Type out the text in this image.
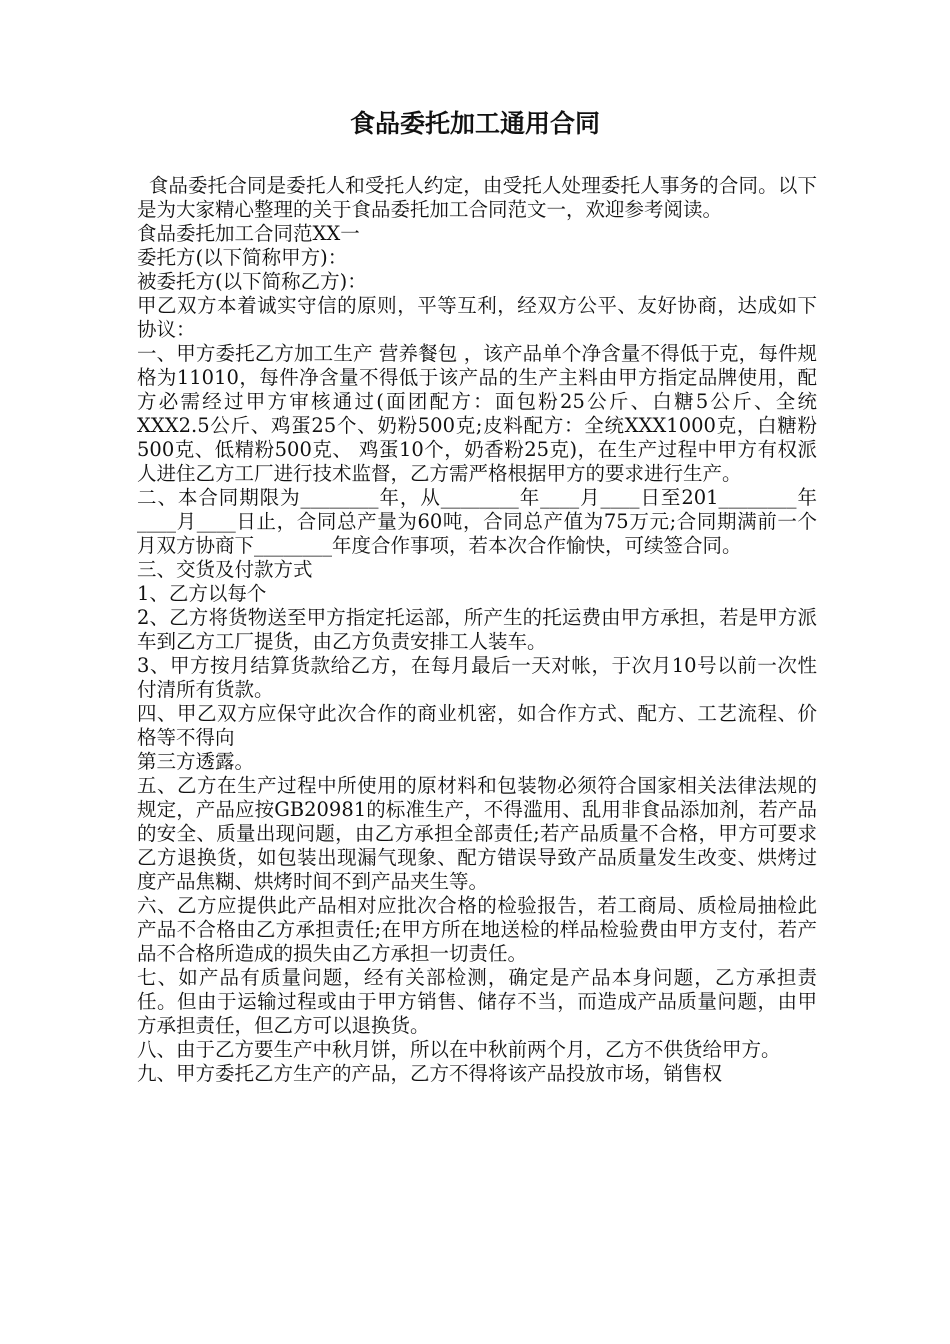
食品委托加工通用合同

食品委托合同是委托人和受托人约定，由受托人处理委托人事务的合同。以下是为大家精心整理的关于食品委托加工合同范文一，欢迎参考阅读。

食品委托加工合同范XX一

委托方(以下简称甲方)：

被委托方(以下简称乙方)：

甲乙双方本着诚实守信的原则，平等互利，经双方公平、友好协商，达成如下协议：

一、甲方委托乙方加工生产 营养餐包 ，该产品单个净含量不得低于克，每件规格为11010，每件净含量不得低于该产品的生产主料由甲方指定品牌使用，配方必需经过甲方审核通过(面团配方：面包粉25公斤、白糖5公斤、全统XXX2.5公斤、鸡蛋25个、奶粉500克;皮料配方：全统XXX1000克，白糖粉500克、低精粉500克、 鸡蛋10个，奶香粉25克)，在生产过程中甲方有权派人进住乙方工厂进行技术监督，乙方需严格根据甲方的要求进行生产。

二、本合同期限为________年，从________年____月____日至201________年____月____日止，合同总产量为60吨，合同总产值为75万元;合同期满前一个月双方协商下________年度合作事项，若本次合作愉快，可续签合同。

三、交货及付款方式

1、乙方以每个

2、乙方将货物送至甲方指定托运部，所产生的托运费由甲方承担，若是甲方派车到乙方工厂提货，由乙方负责安排工人装车。

3、甲方按月结算货款给乙方，在每月最后一天对帐，于次月10号以前一次性付清所有货款。

四、甲乙双方应保守此次合作的商业机密，如合作方式、配方、工艺流程、价格等不得向

第三方透露。

五、乙方在生产过程中所使用的原材料和包装物必须符合国家相关法律法规的规定，产品应按GB20981的标准生产，不得滥用、乱用非食品添加剂，若产品的安全、质量出现问题，由乙方承担全部责任;若产品质量不合格，甲方可要求乙方退换货，如包装出现漏气现象、配方错误导致产品质量发生改变、烘烤过度产品焦糊、烘烤时间不到产品夹生等。

六、乙方应提供此产品相对应批次合格的检验报告，若工商局、质检局抽检此产品不合格由乙方承担责任;在甲方所在地送检的样品检验费由甲方支付，若产品不合格所造成的损失由乙方承担一切责任。

七、如产品有质量问题，经有关部检测，确定是产品本身问题，乙方承担责任。但由于运输过程或由于甲方销售、储存不当，而造成产品质量问题，由甲方承担责任，但乙方可以退换货。

八、由于乙方要生产中秋月饼，所以在中秋前两个月，乙方不供货给甲方。

九、甲方委托乙方生产的产品，乙方不得将该产品投放市场，销售权
